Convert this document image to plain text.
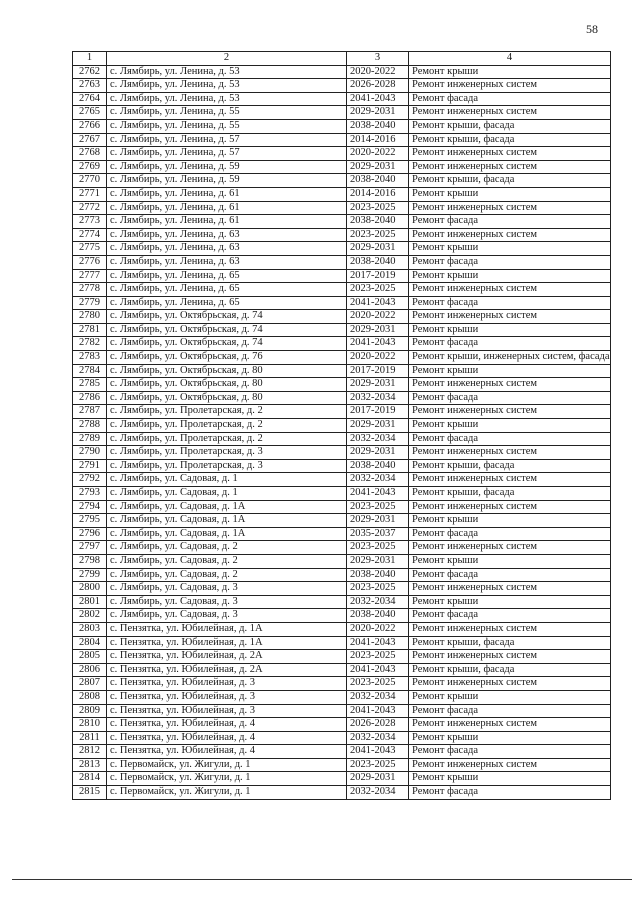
58
1	2	3	4
2762	с. Лямбирь, ул. Ленина, д. 53	2020-2022	Ремонт крыши
2763	с. Лямбирь, ул. Ленина, д. 53	2026-2028	Ремонт инженерных систем
2764	с. Лямбирь, ул. Ленина, д. 53	2041-2043	Ремонт фасада
2765	с. Лямбирь, ул. Ленина, д. 55	2029-2031	Ремонт инженерных систем
2766	с. Лямбирь, ул. Ленина, д. 55	2038-2040	Ремонт крыши, фасада
2767	с. Лямбирь, ул. Ленина, д. 57	2014-2016	Ремонт крыши, фасада
2768	с. Лямбирь, ул. Ленина, д. 57	2020-2022	Ремонт инженерных систем
2769	с. Лямбирь, ул. Ленина, д. 59	2029-2031	Ремонт инженерных систем
2770	с. Лямбирь, ул. Ленина, д. 59	2038-2040	Ремонт крыши, фасада
2771	с. Лямбирь, ул. Ленина, д. 61	2014-2016	Ремонт крыши
2772	с. Лямбирь, ул. Ленина, д. 61	2023-2025	Ремонт инженерных систем
2773	с. Лямбирь, ул. Ленина, д. 61	2038-2040	Ремонт фасада
2774	с. Лямбирь, ул. Ленина, д. 63	2023-2025	Ремонт инженерных систем
2775	с. Лямбирь, ул. Ленина, д. 63	2029-2031	Ремонт крыши
2776	с. Лямбирь, ул. Ленина, д. 63	2038-2040	Ремонт фасада
2777	с. Лямбирь, ул. Ленина, д. 65	2017-2019	Ремонт крыши
2778	с. Лямбирь, ул. Ленина, д. 65	2023-2025	Ремонт инженерных систем
2779	с. Лямбирь, ул. Ленина, д. 65	2041-2043	Ремонт фасада
2780	с. Лямбирь, ул. Октябрьская, д. 74	2020-2022	Ремонт инженерных систем
2781	с. Лямбирь, ул. Октябрьская, д. 74	2029-2031	Ремонт крыши
2782	с. Лямбирь, ул. Октябрьская, д. 74	2041-2043	Ремонт фасада
2783	с. Лямбирь, ул. Октябрьская, д. 76	2020-2022	Ремонт крыши, инженерных систем, фасада
2784	с. Лямбирь, ул. Октябрьская, д. 80	2017-2019	Ремонт крыши
2785	с. Лямбирь, ул. Октябрьская, д. 80	2029-2031	Ремонт инженерных систем
2786	с. Лямбирь, ул. Октябрьская, д. 80	2032-2034	Ремонт фасада
2787	с. Лямбирь, ул. Пролетарская, д. 2	2017-2019	Ремонт инженерных систем
2788	с. Лямбирь, ул. Пролетарская, д. 2	2029-2031	Ремонт крыши
2789	с. Лямбирь, ул. Пролетарская, д. 2	2032-2034	Ремонт фасада
2790	с. Лямбирь, ул. Пролетарская, д. 3	2029-2031	Ремонт инженерных систем
2791	с. Лямбирь, ул. Пролетарская, д. 3	2038-2040	Ремонт крыши, фасада
2792	с. Лямбирь, ул. Садовая, д. 1	2032-2034	Ремонт инженерных систем
2793	с. Лямбирь, ул. Садовая, д. 1	2041-2043	Ремонт крыши, фасада
2794	с. Лямбирь, ул. Садовая, д. 1А	2023-2025	Ремонт инженерных систем
2795	с. Лямбирь, ул. Садовая, д. 1А	2029-2031	Ремонт крыши
2796	с. Лямбирь, ул. Садовая, д. 1А	2035-2037	Ремонт фасада
2797	с. Лямбирь, ул. Садовая, д. 2	2023-2025	Ремонт инженерных систем
2798	с. Лямбирь, ул. Садовая, д. 2	2029-2031	Ремонт крыши
2799	с. Лямбирь, ул. Садовая, д. 2	2038-2040	Ремонт фасада
2800	с. Лямбирь, ул. Садовая, д. 3	2023-2025	Ремонт инженерных систем
2801	с. Лямбирь, ул. Садовая, д. 3	2032-2034	Ремонт крыши
2802	с. Лямбирь, ул. Садовая, д. 3	2038-2040	Ремонт фасада
2803	с. Пензятка, ул. Юбилейная, д. 1А	2020-2022	Ремонт инженерных систем
2804	с. Пензятка, ул. Юбилейная, д. 1А	2041-2043	Ремонт крыши, фасада
2805	с. Пензятка, ул. Юбилейная, д. 2А	2023-2025	Ремонт инженерных систем
2806	с. Пензятка, ул. Юбилейная, д. 2А	2041-2043	Ремонт крыши, фасада
2807	с. Пензятка, ул. Юбилейная, д. 3	2023-2025	Ремонт инженерных систем
2808	с. Пензятка, ул. Юбилейная, д. 3	2032-2034	Ремонт крыши
2809	с. Пензятка, ул. Юбилейная, д. 3	2041-2043	Ремонт фасада
2810	с. Пензятка, ул. Юбилейная, д. 4	2026-2028	Ремонт инженерных систем
2811	с. Пензятка, ул. Юбилейная, д. 4	2032-2034	Ремонт крыши
2812	с. Пензятка, ул. Юбилейная, д. 4	2041-2043	Ремонт фасада
2813	с. Первомайск, ул. Жигули, д. 1	2023-2025	Ремонт инженерных систем
2814	с. Первомайск, ул. Жигули, д. 1	2029-2031	Ремонт крыши
2815	с. Первомайск, ул. Жигули, д. 1	2032-2034	Ремонт фасада
